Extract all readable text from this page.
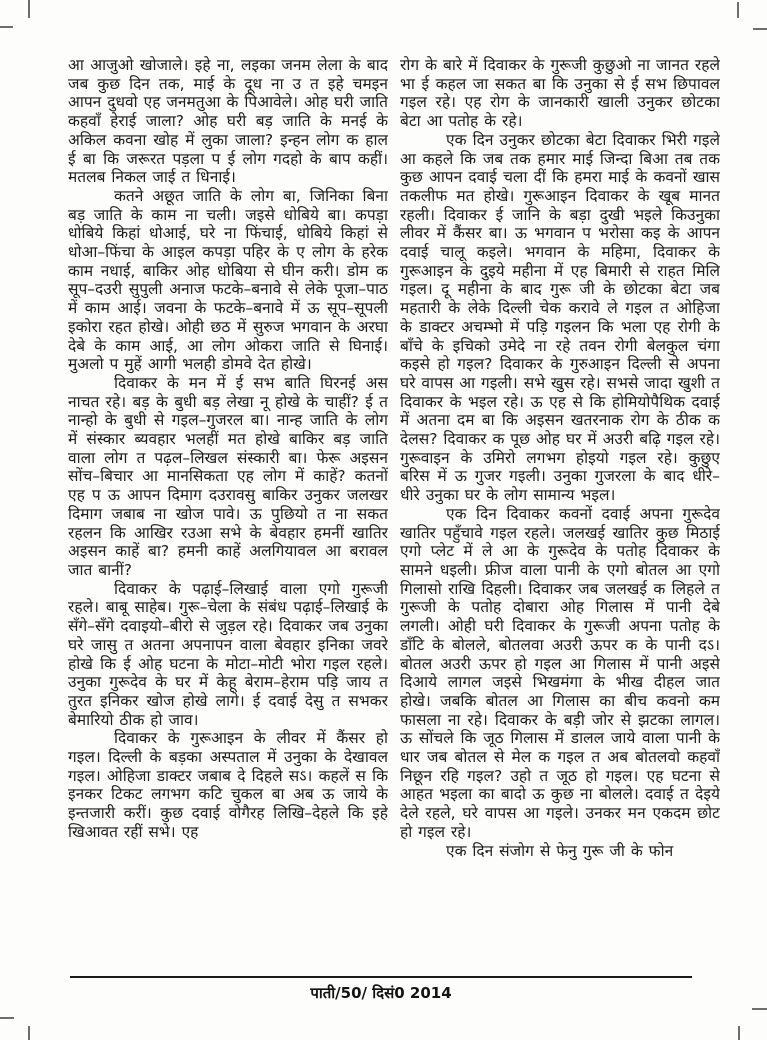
आ आजुओ खोजाले। इहे ना, लइका जनम लेला के बाद जब कुछ दिन तक, माई के दूध ना उ त इहे चमइन आपन दुधवो एह जनमतुआ के पिआवेले। ओह घरी जाति कहवाँ हेराई जाला? ओह घरी बड़ जाति के मनई के अकिल कवना खोह में लुका जाला? इन्हन लोग क हाल ई बा कि जरूरत पड़ला प ई लोग गदहो के बाप कहीं। मतलब निकल जाई त धिनाई।

कतने अछूत जाति के लोग बा, जिनिका बिना बड़ जाति के काम ना चली। जइसे धोबिये बा। कपड़ा धोबिये किहां धोआई, घरे ना फिंचाई, धोबिये किहां से धोआ–फिंचा के आइल कपड़ा पहिर के ए लोग के हरेक काम नधाई, बाकिर ओह धोबिया से घीन करी। डोम क सूप–दउरी सुपुली अनाज फटके–बनावे से लेके पूजा–पाठ में काम आई। जवना के फटके–बनावे में ऊ सूप–सूपली इकोरा रहत होखे। ओही छठ में सुरुज भगवान के अरघा देबे के काम आई, आ लोग ओकरा जाति से घिनाई। मुअलो प मुहें आगी भलही डोमवे देत होखे।

दिवाकर के मन में ई सभ बाति घिरनई अस नाचत रहे। बड़ के बुधी बड़ लेखा नू होखे के चाहीं? ई त नान्हो के बुधी से गइल–गुजरल बा। नान्ह जाति के लोग में संस्कार ब्यवहार भलहीं मत होखे बाकिर बड़ जाति वाला लोग त पढ़ल–लिखल संस्कारी बा। फेरू अइसन सोंच–बिचार आ मानसिकता एह लोग में काहें? कतनों एह प ऊ आपन दिमाग दउरावसु बाकिर उनुकर जलखर दिमाग जबाब ना खोज पावे। ऊ पुछियो त ना सकत रहलन कि आखिर रउआ सभे के बेवहार हमनीं खातिर अइसन काहें बा? हमनी काहें अलगियावल आ बरावल जात बानीं?

दिवाकर के पढ़ाई–लिखाई वाला एगो गुरूजी रहले। बाबू साहेब। गुरू–चेला के संबंध पढ़ाई–लिखाई के सँगे–सँगे दवाइयो–बीरो से जुड़ल रहे। दिवाकर जब उनुका घरे जासु त अतना अपनापन वाला बेवहार इनिका जवरे होखे कि ई ओह घटना के मोटा–मोटी भोरा गइल रहले। उनुका गुरूदेव के घर में केहू बेराम–हेराम पड़ि जाय त तुरत इनिकर खोज होखे लागे। ई दवाई देसु त सभकर बेमारियो ठीक हो जाव।

दिवाकर के गुरूआइन के लीवर में कैंसर हो गइल। दिल्ली के बड़का अस्पताल में उनुका के देखावल गइल। ओहिजा डाक्टर जबाब दे दिहले सऽ। कहलें स कि इनकर टिकट लगभग कटि चुकल बा अब ऊ जाये के इन्तजारी करीं। कुछ दवाई वोगैरह लिखि–देहले कि इहे खिआवत रहीं सभे। एह

रोग के बारे में दिवाकर के गुरूजी कुछुओ ना जानत रहले भा ई कहल जा सकत बा कि उनुका से ई सभ छिपावल गइल रहे। एह रोग के जानकारी खाली उनुकर छोटका बेटा आ पतोह के रहे।

एक दिन उनुकर छोटका बेटा दिवाकर भिरी गइले आ कहले कि जब तक हमार माई जिन्दा बिआ तब तक कुछ आपन दवाई चला दीं कि हमरा माई के कवनों खास तकलीफ मत होखे। गुरूआइन दिवाकर के खूब मानत रहली। दिवाकर ई जानि के बड़ा दुखी भइले किउनुका लीवर में कैंसर बा। ऊ भगवान प भरोसा कइ के आपन दवाई चालू कइले। भगवान के महिमा, दिवाकर के गुरूआइन के दुइये महीना में एह बिमारी से राहत मिलि गइल। दू महीना के बाद गुरू जी के छोटका बेटा जब महतारी के लेके दिल्ली चेक करावे ले गइल त ओहिजा के डाक्टर अचम्भो में पड़ि गइलन कि भला एह रोगी के बाँचे के इचिको उमेदे ना रहे तवन रोगी बेलकुल चंगा कइसे हो गइल? दिवाकर के गुरुआइन दिल्ली से अपना घरे वापस आ गइली। सभे खुस रहे। सभसे जादा खुशी त दिवाकर के भइल रहे। ऊ एह से कि होमियोपैथिक दवाई में अतना दम बा कि अइसन खतरनाक रोग के ठीक क देलस? दिवाकर क पूछ ओह घर में अउरी बढ़ि गइल रहे। गुरूवाइन के उमिरो लगभग होइयो गइल रहे। कुछुए बरिस में ऊ गुजर गइली। उनुका गुजरला के बाद धीरे–धीरे उनुका घर के लोग सामान्य भइल।

एक दिन दिवाकर कवनों दवाई अपना गुरूदेव खातिर पहुँचावे गइल रहले। जलखई खातिर कुछ मिठाई एगो प्लेट में ले आ के गुरूदेव के पतोह दिवाकर के सामने धइली। फ्रीज वाला पानी के एगो बोतल आ एगो गिलासो राखि दिहली। दिवाकर जब जलखई क लिहले त गुरूजी के पतोह दोबारा ओह गिलास में पानी देबे लगली। ओही घरी दिवाकर के गुरूजी अपना पतोह के डाँटि के बोलले, बोतलवा अउरी ऊपर क के पानी दऽ। बोतल अउरी ऊपर हो गइल आ गिलास में पानी अइसे दिआये लागल जइसे भिखमंगा के भीख दीहल जात होखे। जबकि बोतल आ गिलास का बीच कवनो कम फासला ना रहे। दिवाकर के बड़ी जोर से झटका लागल। ऊ सोंचले कि जूठ गिलास में डालल जाये वाला पानी के धार जब बोतल से मेल क गइल त अब बोतलवो कहवाँ निछून रहि गइल? उहो त जूठ हो गइल। एह घटना से आहत भइला का बादो ऊ कुछ ना बोलले। दवाई त देइये देले रहले, घरे वापस आ गइले। उनकर मन एकदम छोट हो गइल रहे।

एक दिन संजोग से फेनु गुरू जी के फोन

पाती/50/ दिसं0 2014
